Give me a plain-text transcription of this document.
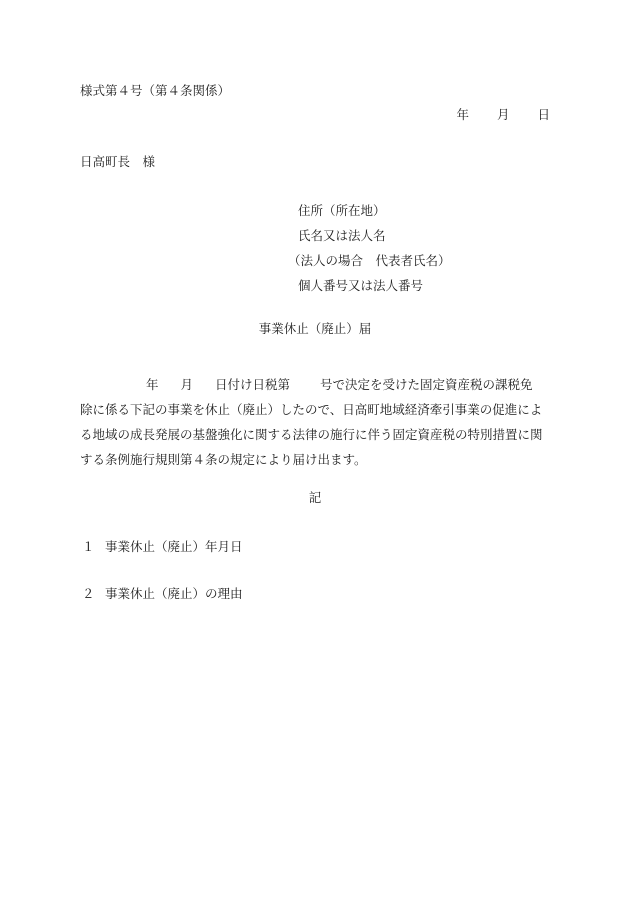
様式第４号（第４条関係）
年 月 日
日高町長　様
住所（所在地）
氏名又は法人名
（法人の場合　代表者氏名）
個人番号又は法人番号
事業休止（廃止）届
年 月 日付け日税第 号で決定を受けた固定資産税の課税免
除に係る下記の事業を休止（廃止）したので、日高町地域経済牽引事業の促進によ
る地域の成長発展の基盤強化に関する法律の施行に伴う固定資産税の特別措置に関
する条例施行規則第４条の規定により届け出ます。
記
１ 事業休止（廃止）年月日
２ 事業休止（廃止）の理由
